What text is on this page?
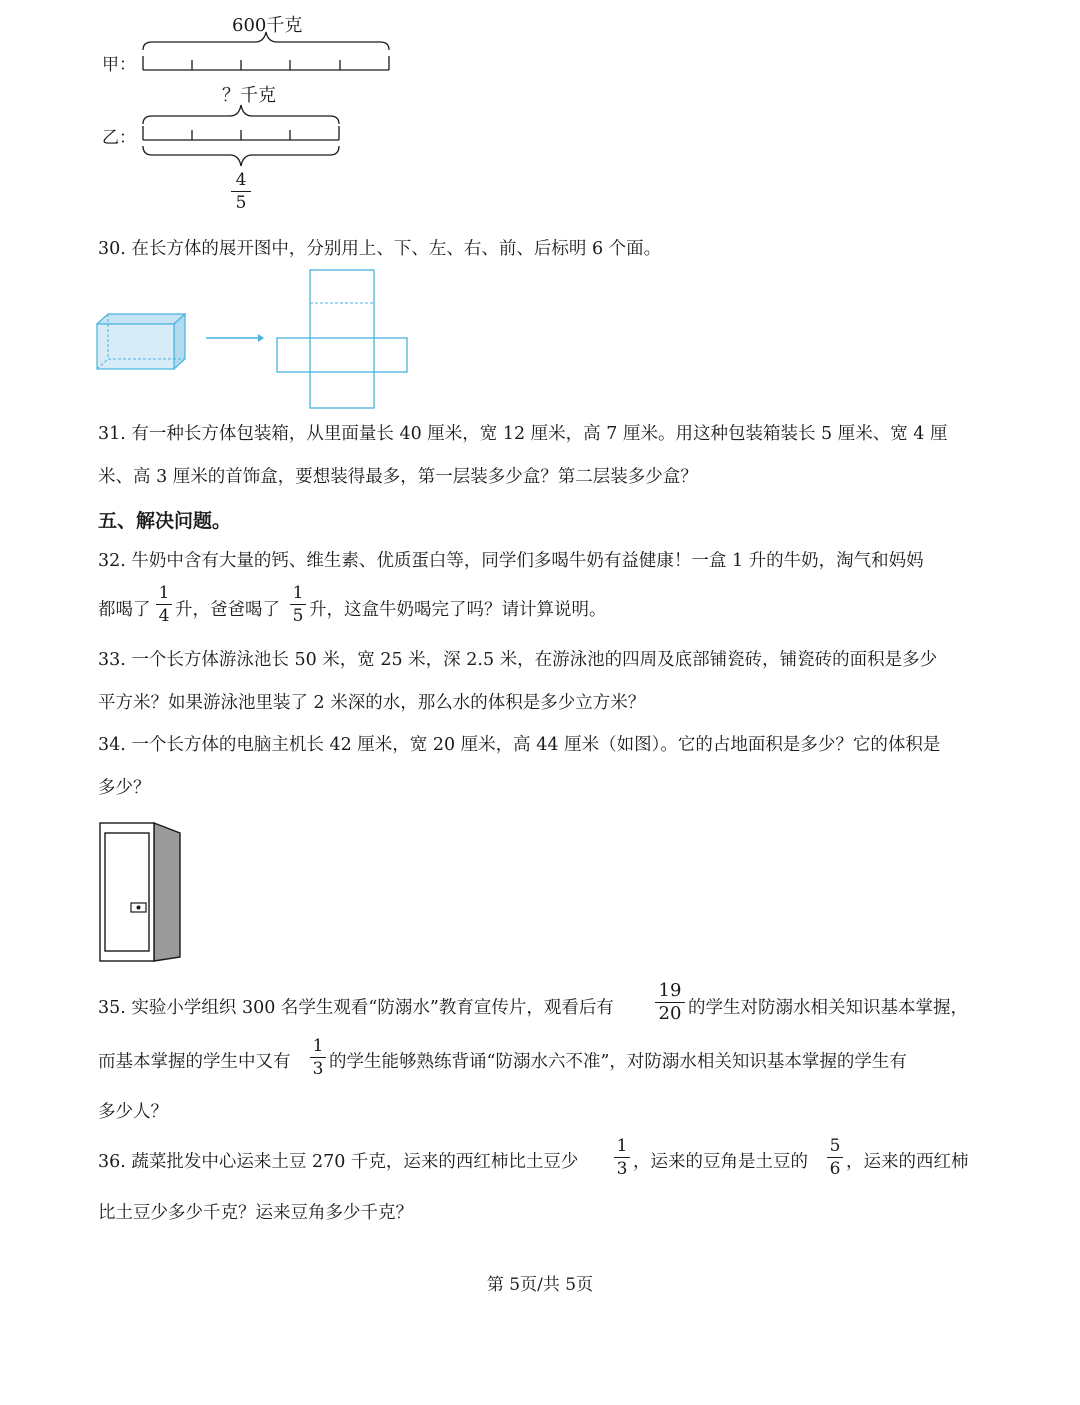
600千克
甲：
？千克
乙：
4
5
30. 在长方体的展开图中，分别用上、下、左、右、前、后标明 6 个面。
31. 有一种长方体包装箱，从里面量长 40 厘米，宽 12 厘米，高 7 厘米。用这种包装箱装长 5 厘米、宽 4 厘
米、高 3 厘米的首饰盒，要想装得最多，第一层装多少盒？第二层装多少盒？
五、解决问题。
32. 牛奶中含有大量的钙、维生素、优质蛋白等，同学们多喝牛奶有益健康！一盒 1 升的牛奶，淘气和妈妈
都喝了
1
4 升，爸爸喝了
1
5 升，这盒牛奶喝完了吗？请计算说明。
33. 一个长方体游泳池长 50 米，宽 25 米，深 2.5 米，在游泳池的四周及底部铺瓷砖，铺瓷砖的面积是多少
平方米？如果游泳池里装了 2 米深的水，那么水的体积是多少立方米？
34. 一个长方体的电脑主机长 42 厘米，宽 20 厘米，高 44 厘米（如图）。它的占地面积是多少？它的体积是
多少？
35. 实验小学组织 300 名学生观看“防溺水”教育宣传片，观看后有
19
20 的学生对防溺水相关知识基本掌握，
而基本掌握的学生中又有
1
3 的学生能够熟练背诵“防溺水六不准”，对防溺水相关知识基本掌握的学生有
多少人？
36. 蔬菜批发中心运来土豆 270 千克，运来的西红柿比土豆少
1
3 ，运来的豆角是土豆的
5
6 ，运来的西红柿
比土豆少多少千克？运来豆角多少千克？
第 5页/共 5页
